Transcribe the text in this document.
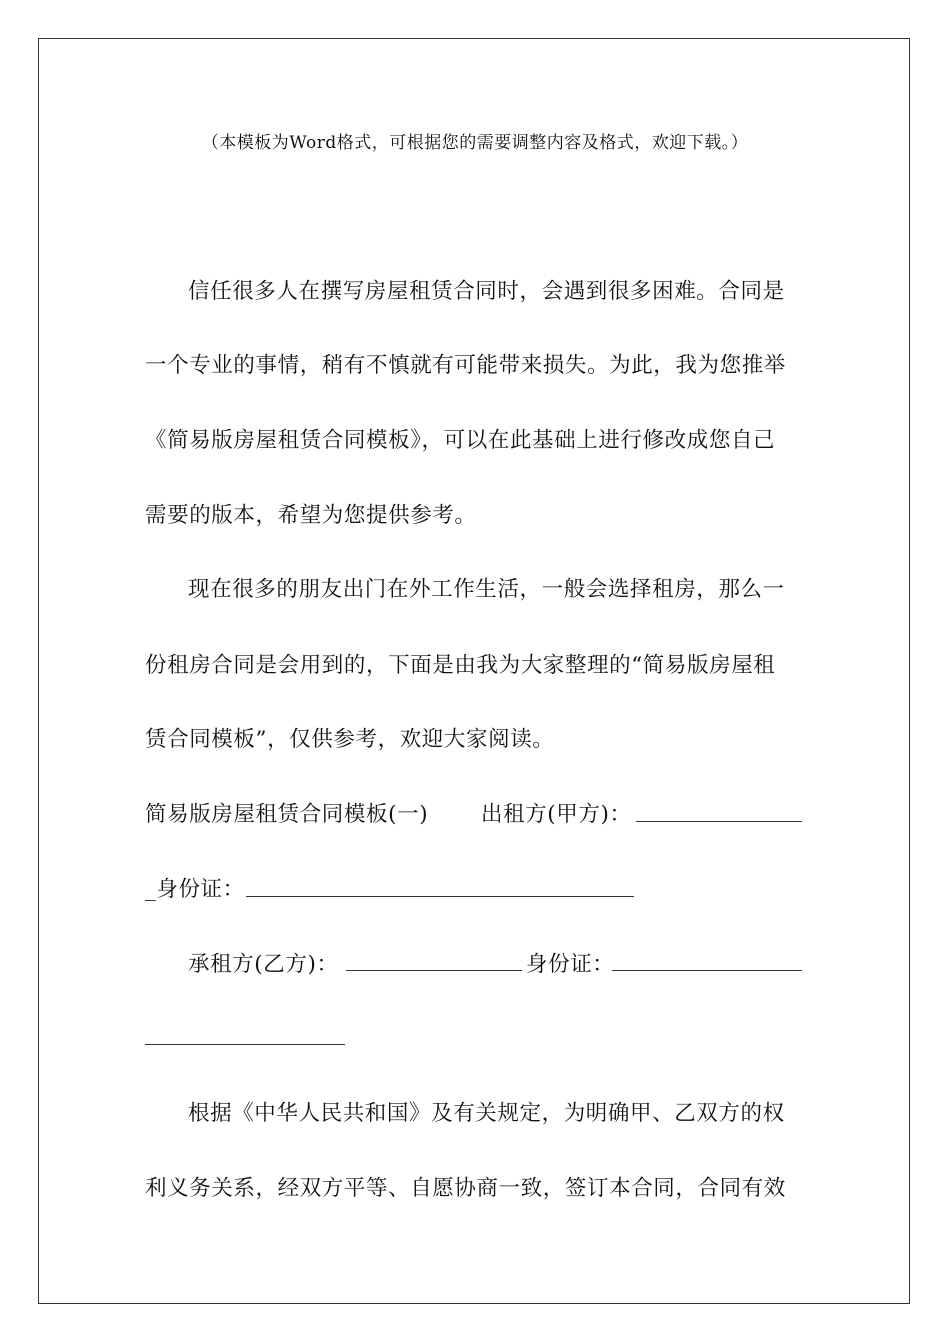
（本模板为Word格式，可根据您的需要调整内容及格式，欢迎下载。）
信任很多人在撰写房屋租赁合同时，会遇到很多困难。合同是
一个专业的事情，稍有不慎就有可能带来损失。为此，我为您推举
《简易版房屋租赁合同模板》，可以在此基础上进行修改成您自己
需要的版本，希望为您提供参考。
现在很多的朋友出门在外工作生活，一般会选择租房，那么一
份租房合同是会用到的，下面是由我为大家整理的“简易版房屋租
赁合同模板”，仅供参考，欢迎大家阅读。
简易版房屋租赁合同模板(一) 出租方(甲方)：
_身份证：
承租方(乙方)：	身份证：
根据《中华人民共和国》及有关规定，为明确甲、乙双方的权
利义务关系，经双方平等、自愿协商一致，签订本合同，合同有效
